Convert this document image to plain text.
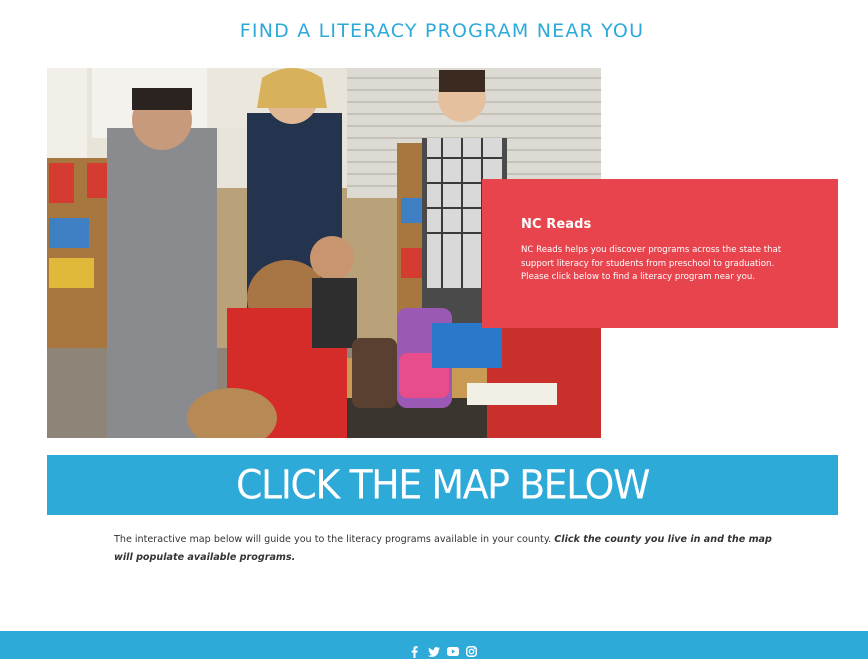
FIND A LITERACY PROGRAM NEAR YOU
NC Reads

NC Reads helps you discover programs across the state that support literacy for students from preschool to graduation. Please click below to find a literacy program near you.

CLICK THE MAP BELOW

The interactive map below will guide you to the literacy programs available in your county. Click the county you live in and the map will populate available programs.
